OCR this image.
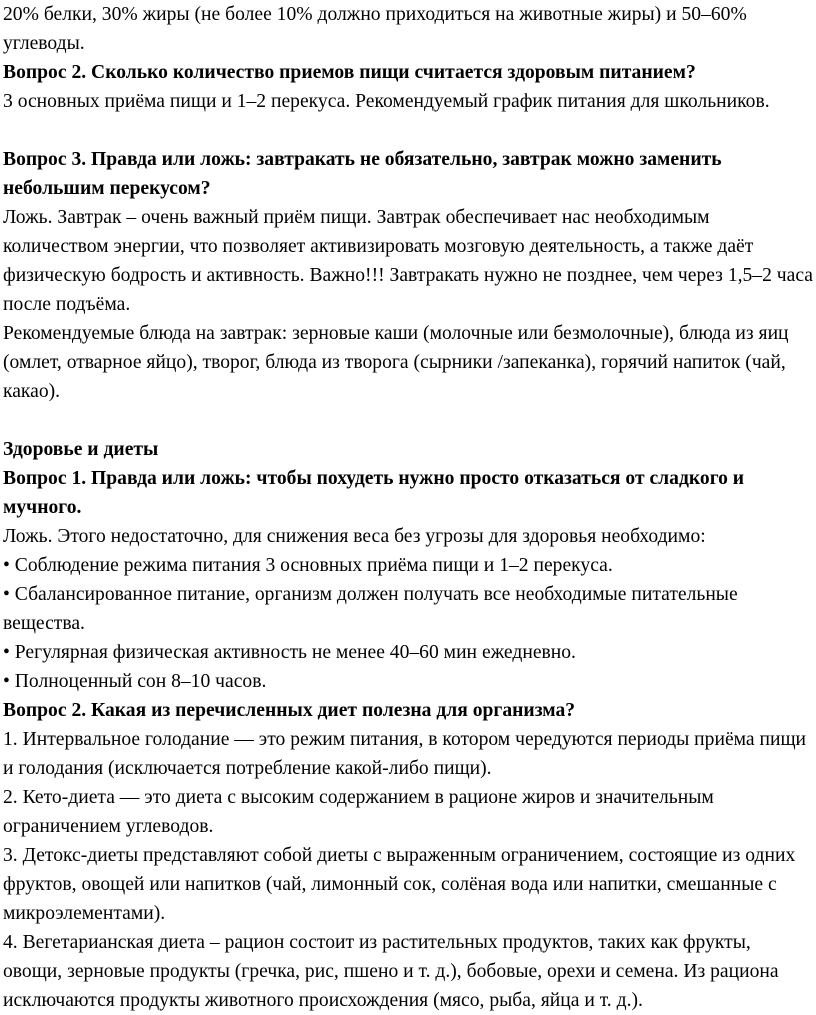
20% белки, 30% жиры (не более 10% должно приходиться на животные жиры) и 50–60% углеводы.

Вопрос 2. Сколько количество приемов пищи считается здоровым питанием?

3 основных приёма пищи и 1–2 перекуса. Рекомендуемый график питания для школьников.

Вопрос 3. Правда или ложь: завтракать не обязательно, завтрак можно заменить небольшим перекусом?

Ложь. Завтрак – очень важный приём пищи. Завтрак обеспечивает нас необходимым количеством энергии, что позволяет активизировать мозговую деятельность, а также даёт физическую бодрость и активность. Важно!!! Завтракать нужно не позднее, чем через 1,5–2 часа после подъёма.

Рекомендуемые блюда на завтрак: зерновые каши (молочные или безмолочные), блюда из яиц (омлет, отварное яйцо), творог, блюда из творога (сырники /запеканка), горячий напиток (чай, какао).

Здоровье и диеты

Вопрос 1. Правда или ложь: чтобы похудеть нужно просто отказаться от сладкого и мучного.

Ложь. Этого недостаточно, для снижения веса без угрозы для здоровья необходимо:

• Соблюдение режима питания 3 основных приёма пищи и 1–2 перекуса.

• Сбалансированное питание, организм должен получать все необходимые питательные вещества.

• Регулярная физическая активность не менее 40–60 мин ежедневно.

• Полноценный сон 8–10 часов.

Вопрос 2. Какая из перечисленных диет полезна для организма?

1. Интервальное голодание — это режим питания, в котором чередуются периоды приёма пищи и голодания (исключается потребление какой-либо пищи).

2. Кето-диета — это диета с высоким содержанием в рационе жиров и значительным ограничением углеводов.

3. Детокс-диеты представляют собой диеты с выраженным ограничением, состоящие из одних фруктов, овощей или напитков (чай, лимонный сок, солёная вода или напитки, смешанные с микроэлементами).

4. Вегетарианская диета – рацион состоит из растительных продуктов, таких как фрукты, овощи, зерновые продукты (гречка, рис, пшено и т. д.), бобовые, орехи и семена. Из рациона исключаются продукты животного происхождения (мясо, рыба, яйца и т. д.).
